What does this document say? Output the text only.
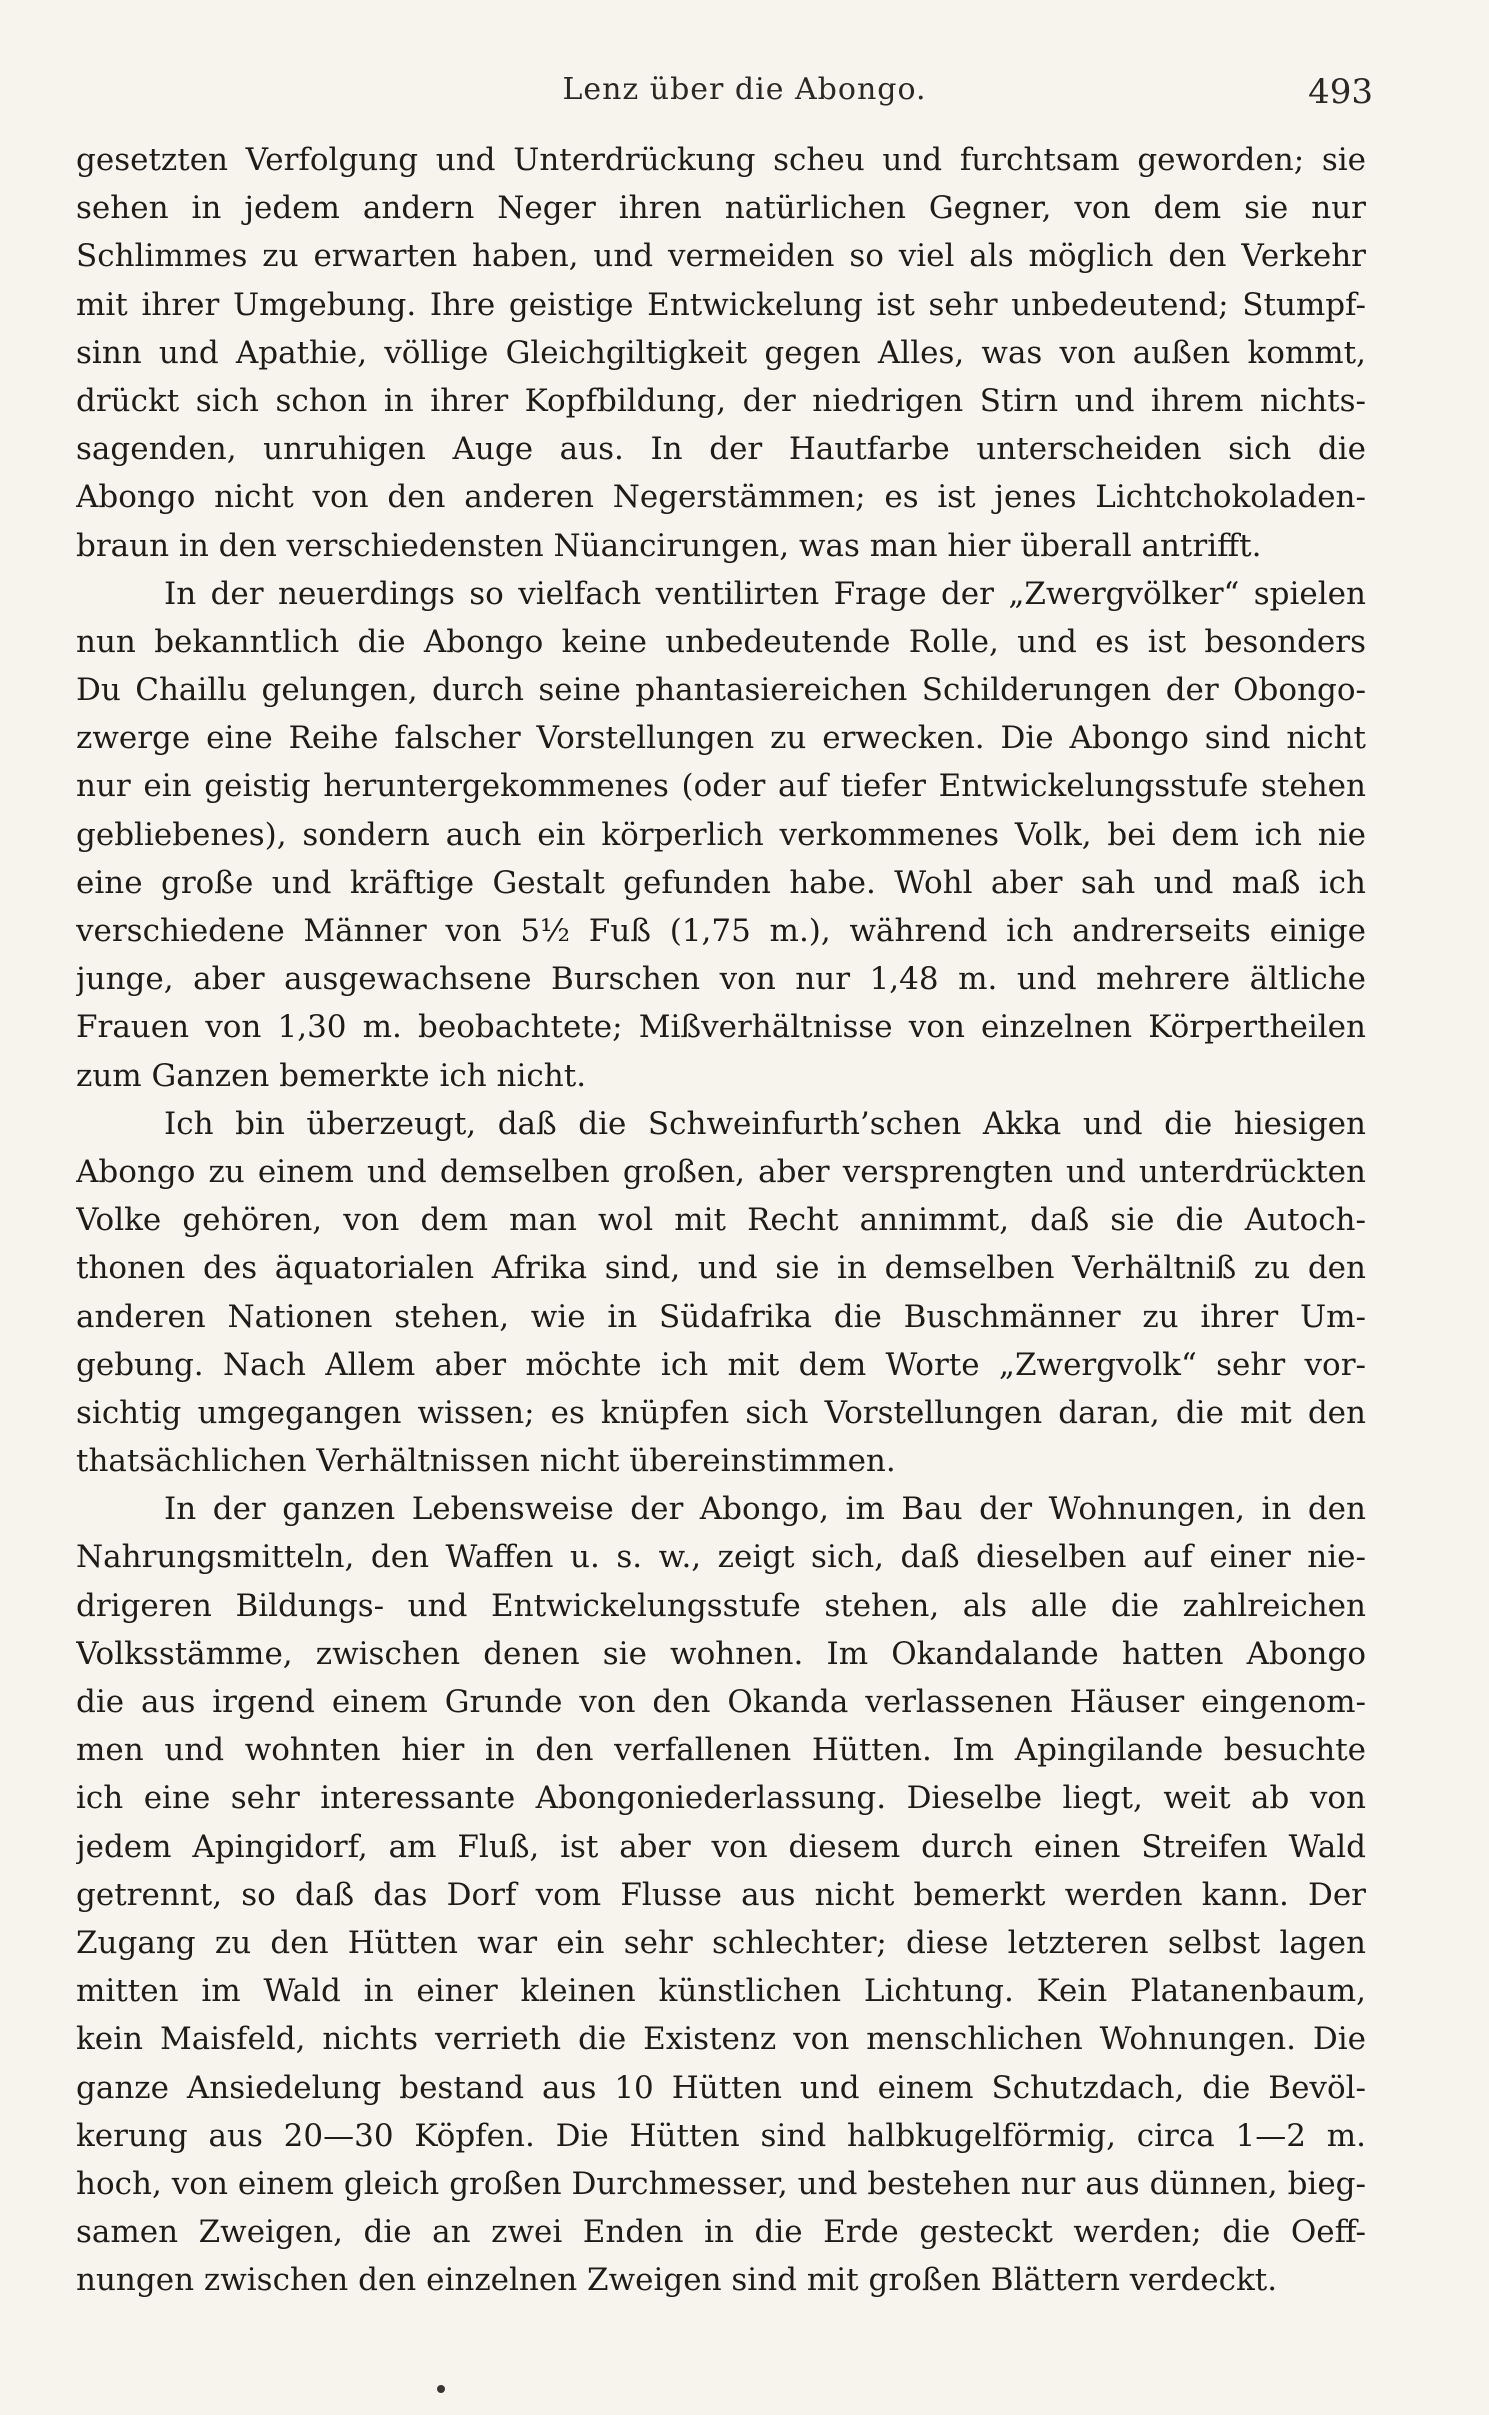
Lenz über die Abongo.	493
gesetzten Verfolgung und Unterdrückung scheu und furchtsam geworden; sie
sehen in jedem andern Neger ihren natürlichen Gegner, von dem sie nur
Schlimmes zu erwarten haben, und vermeiden so viel als möglich den Verkehr
mit ihrer Umgebung. Ihre geistige Entwickelung ist sehr unbedeutend; Stumpf-
sinn und Apathie, völlige Gleichgiltigkeit gegen Alles, was von außen kommt,
drückt sich schon in ihrer Kopfbildung, der niedrigen Stirn und ihrem nichts-
sagenden, unruhigen Auge aus. In der Hautfarbe unterscheiden sich die
Abongo nicht von den anderen Negerstämmen; es ist jenes Lichtchokoladen-
braun in den verschiedensten Nüancirungen, was man hier überall antrifft.
In der neuerdings so vielfach ventilirten Frage der „Zwergvölker“ spielen
nun bekanntlich die Abongo keine unbedeutende Rolle, und es ist besonders
Du Chaillu gelungen, durch seine phantasiereichen Schilderungen der Obongo-
zwerge eine Reihe falscher Vorstellungen zu erwecken. Die Abongo sind nicht
nur ein geistig heruntergekommenes (oder auf tiefer Entwickelungsstufe stehen
gebliebenes), sondern auch ein körperlich verkommenes Volk, bei dem ich nie
eine große und kräftige Gestalt gefunden habe. Wohl aber sah und maß ich
verschiedene Männer von 5½ Fuß (1,75 m.), während ich andrerseits einige
junge, aber ausgewachsene Burschen von nur 1,48 m. und mehrere ältliche
Frauen von 1,30 m. beobachtete; Mißverhältnisse von einzelnen Körpertheilen
zum Ganzen bemerkte ich nicht.
Ich bin überzeugt, daß die Schweinfurth’schen Akka und die hiesigen
Abongo zu einem und demselben großen, aber versprengten und unterdrückten
Volke gehören, von dem man wol mit Recht annimmt, daß sie die Autoch-
thonen des äquatorialen Afrika sind, und sie in demselben Verhältniß zu den
anderen Nationen stehen, wie in Südafrika die Buschmänner zu ihrer Um-
gebung. Nach Allem aber möchte ich mit dem Worte „Zwergvolk“ sehr vor-
sichtig umgegangen wissen; es knüpfen sich Vorstellungen daran, die mit den
thatsächlichen Verhältnissen nicht übereinstimmen.
In der ganzen Lebensweise der Abongo, im Bau der Wohnungen, in den
Nahrungsmitteln, den Waffen u. s. w., zeigt sich, daß dieselben auf einer nie-
drigeren Bildungs- und Entwickelungsstufe stehen, als alle die zahlreichen
Volksstämme, zwischen denen sie wohnen. Im Okandalande hatten Abongo
die aus irgend einem Grunde von den Okanda verlassenen Häuser eingenom-
men und wohnten hier in den verfallenen Hütten. Im Apingilande besuchte
ich eine sehr interessante Abongoniederlassung. Dieselbe liegt, weit ab von
jedem Apingidorf, am Fluß, ist aber von diesem durch einen Streifen Wald
getrennt, so daß das Dorf vom Flusse aus nicht bemerkt werden kann. Der
Zugang zu den Hütten war ein sehr schlechter; diese letzteren selbst lagen
mitten im Wald in einer kleinen künstlichen Lichtung. Kein Platanenbaum,
kein Maisfeld, nichts verrieth die Existenz von menschlichen Wohnungen. Die
ganze Ansiedelung bestand aus 10 Hütten und einem Schutzdach, die Bevöl-
kerung aus 20—30 Köpfen. Die Hütten sind halbkugelförmig, circa 1—2 m.
hoch, von einem gleich großen Durchmesser, und bestehen nur aus dünnen, bieg-
samen Zweigen, die an zwei Enden in die Erde gesteckt werden; die Oeff-
nungen zwischen den einzelnen Zweigen sind mit großen Blättern verdeckt.
